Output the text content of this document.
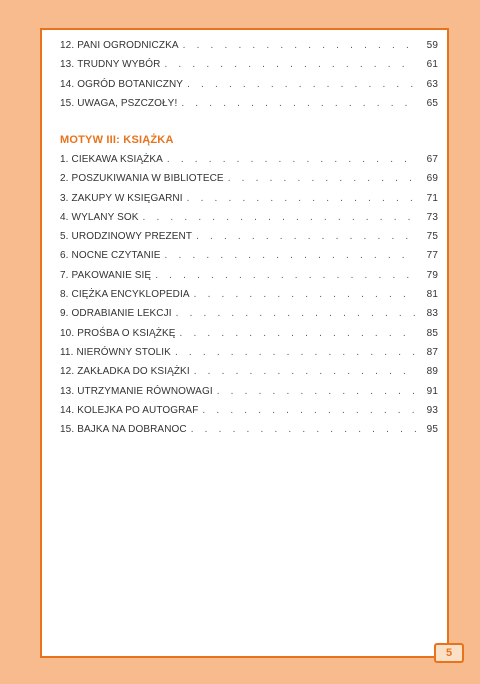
12. PANI OGRODNICZKA . . .	59
13. TRUDNY WYBÓR . . .	61
14. OGRÓD BOTANICZNY . . .	63
15. UWAGA, PSZCZOŁY! . . .	65
MOTYW III: KSIĄŻKA
1. CIEKAWA KSIĄŻKA . . .	67
2. POSZUKIWANIA W BIBLIOTECE . . .	69
3. ZAKUPY W KSIĘGARNI . . .	71
4. WYLANY SOK . . .	73
5. URODZINOWY PREZENT . . .	75
6. NOCNE CZYTANIE . . .	77
7. PAKOWANIE SIĘ . . .	79
8. CIĘŻKA ENCYKLOPEDIA . . .	81
9. ODRABIANIE LEKCJI . . .	83
10. PROŚBA O KSIĄŻKĘ . . .	85
11. NIERÓWNY STOLIK . . .	87
12. ZAKŁADKA DO KSIĄŻKI . . .	89
13. UTRZYMANIE RÓWNOWAGI . . .	91
14. KOLEJKA PO AUTOGRAF . . .	93
15. BAJKA NA DOBRANOC . . .	95
5
